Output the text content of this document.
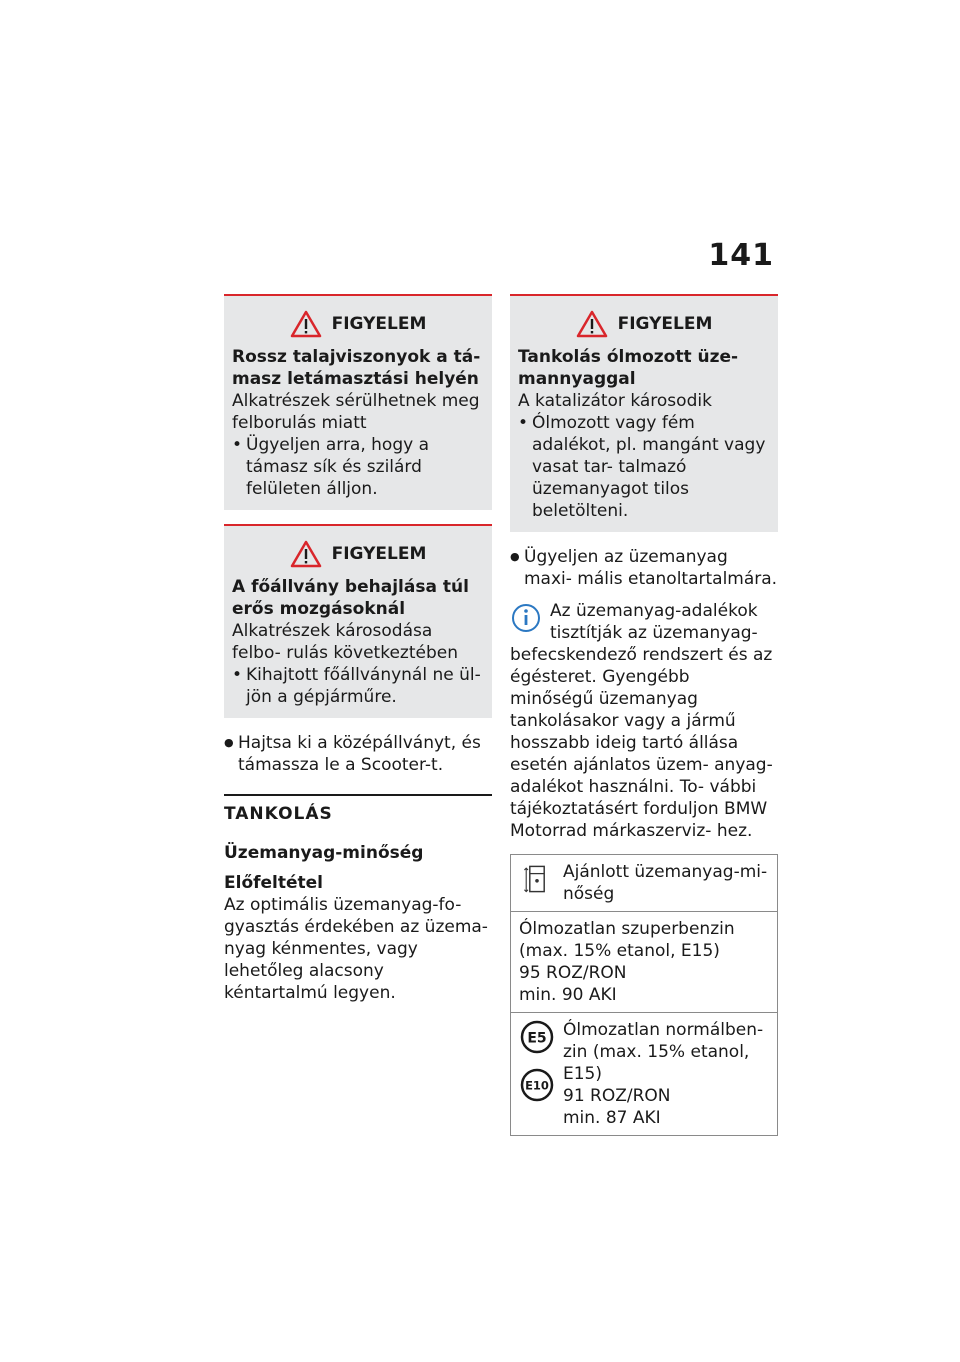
141
FIGYELEM
Rossz talajviszonyok a tá- masz letámasztási helyén
Alkatrészek sérülhetnek meg felborulás miatt
• Ügyeljen arra, hogy a támasz sík és szilárd felületen álljon.
FIGYELEM
A főállvány behajlása túl erős mozgásoknál
Alkatrészek károsodása felbo- rulás következtében
• Kihajtott főállványnál ne ül- jön a gépjárműre.
● Hajtsa ki a középállványt, és támassza le a Scooter-t.
TANKOLÁS
Üzemanyag-minőség
Előfeltétel
Az optimális üzemanyag-fo- gyasztás érdekében az üzema- nyag kénmentes, vagy lehetőleg alacsony kéntartalmú legyen.
FIGYELEM
Tankolás ólmozott üze- mannyaggal
A katalizátor károsodik
• Ólmozott vagy fém adalékot, pl. mangánt vagy vasat tar- talmazó üzemanyagot tilos beletölteni.
● Ügyeljen az üzemanyag maxi- mális etanoltartalmára.
Az üzemanyag-adalékok tisztítják az üzemanyag-
befecskendező rendszert és az égésteret. Gyengébb minőségű üzemanyag tankolásakor vagy a jármű hosszabb ideig tartó állása esetén ajánlatos üzem- anyag-adalékot használni. To- vábbi tájékoztatásért forduljon BMW Motorrad márkaszerviz- hez.
Ajánlott üzemanyag-mi- nőség
Ólmozatlan szuperbenzin
(max. 15% etanol, E15)
95 ROZ/RON
min. 90 AKI
E5

E10
Ólmozatlan normálben- zin (max. 15% etanol, E15)
91 ROZ/RON
min. 87 AKI
